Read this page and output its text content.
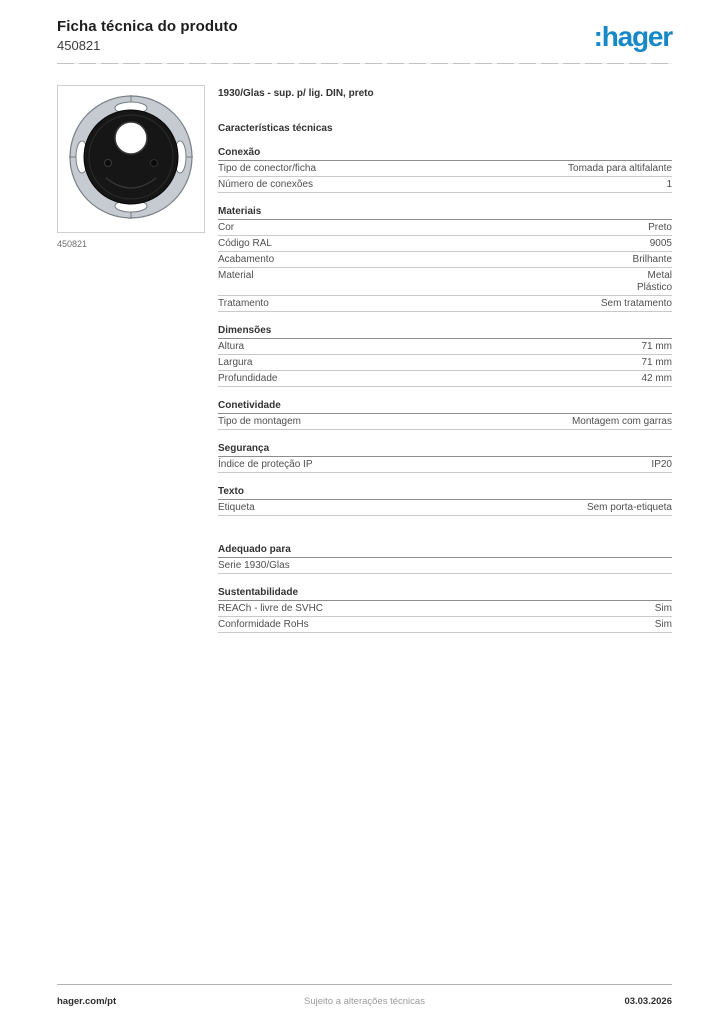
Ficha técnica do produto
450821	:hager
450821
1930/Glas - sup. p/ lig. DIN, preto
Características técnicas
Conexão
Tipo de conector/ficha	Tomada para altifalante
Número de conexões	1
Materiais
Cor	Preto
Código RAL	9005
Acabamento	Brilhante
Material	Metal
Plástico
Tratamento	Sem tratamento
Dimensões
Altura	71 mm
Largura	71 mm
Profundidade	42 mm
Conetividade
Tipo de montagem	Montagem com garras
Segurança
Índice de proteção IP	IP20
Texto
Etiqueta	Sem porta-etiqueta
Adequado para
Serie 1930/Glas
Sustentabilidade
REACh - livre de SVHC	Sim
Conformidade RoHs	Sim
hager.com/pt	Sujeito a alterações técnicas	03.03.2026
